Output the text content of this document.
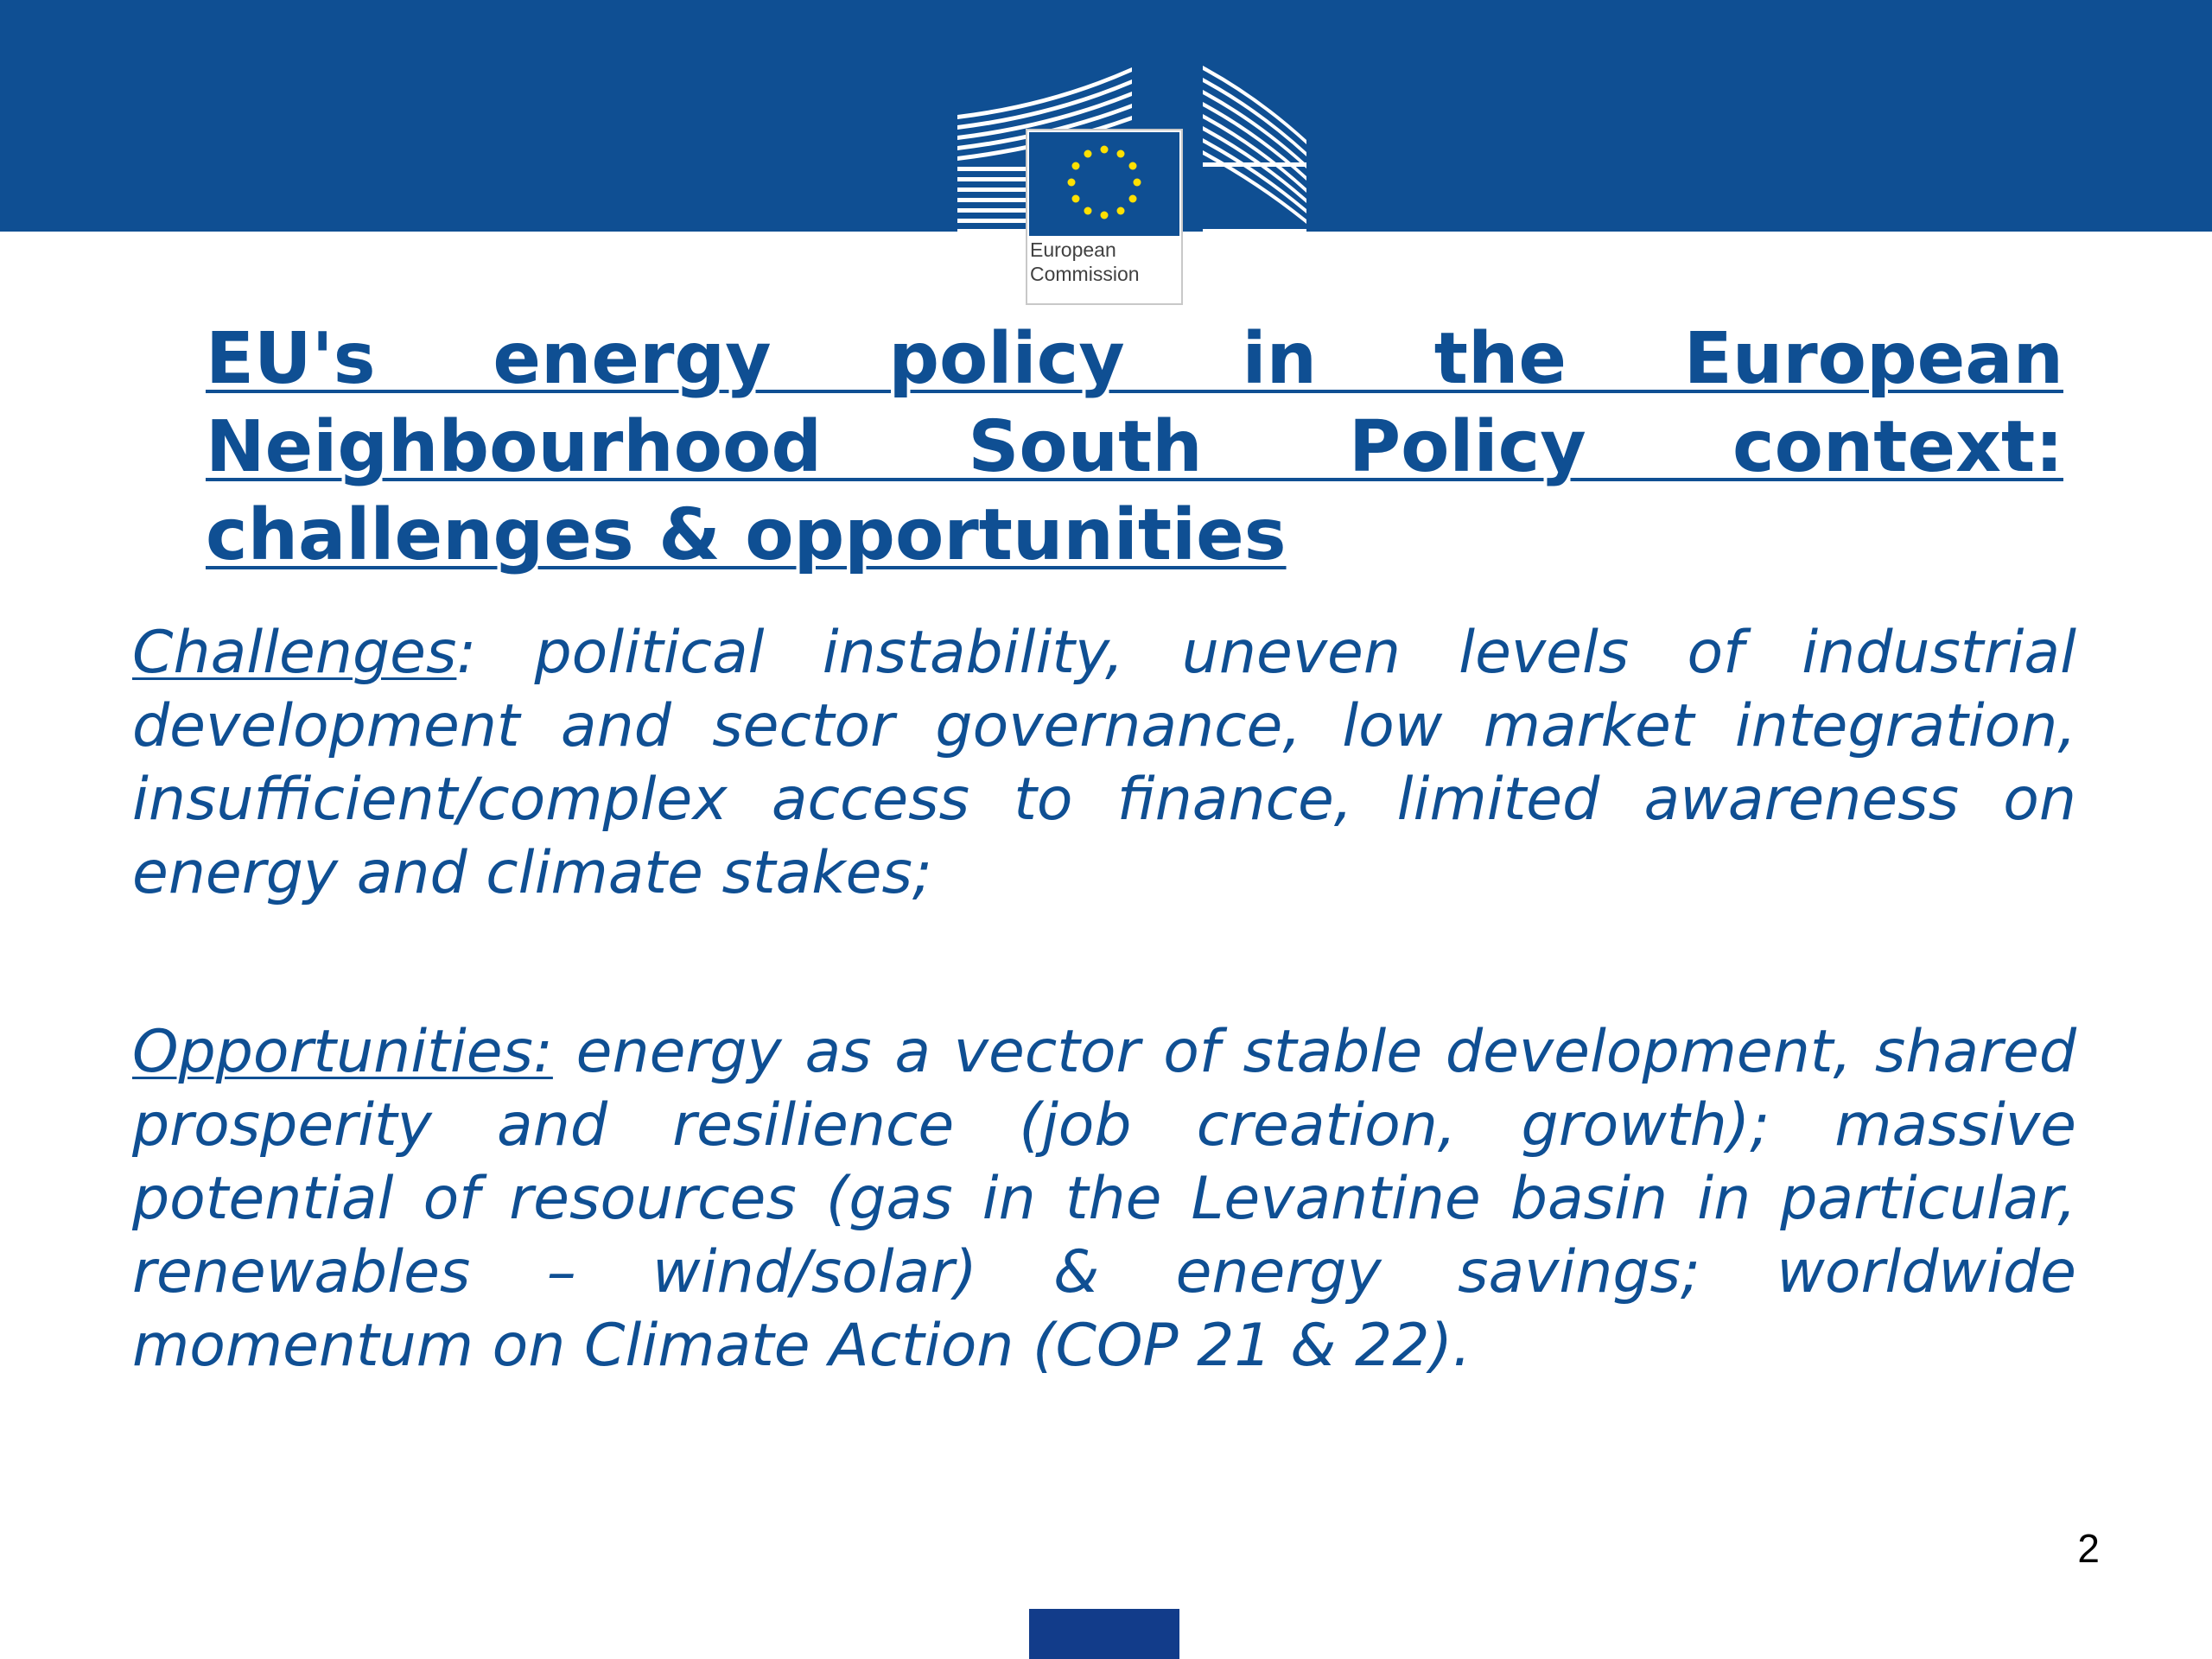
European
Commission
EU's energy policy in the European Neighbourhood South Policy context: challenges & opportunities

Challenges: political instability, uneven levels of industrial development and sector governance, low market integration, insufficient/complex access to finance, limited awareness on energy and climate stakes;

Opportunities: energy as a vector of stable development, shared prosperity and resilience (job creation, growth); massive potential of resources (gas in the Levantine basin in particular, renewables – wind/solar) & energy savings; worldwide momentum on Climate Action (COP 21 & 22).

2
